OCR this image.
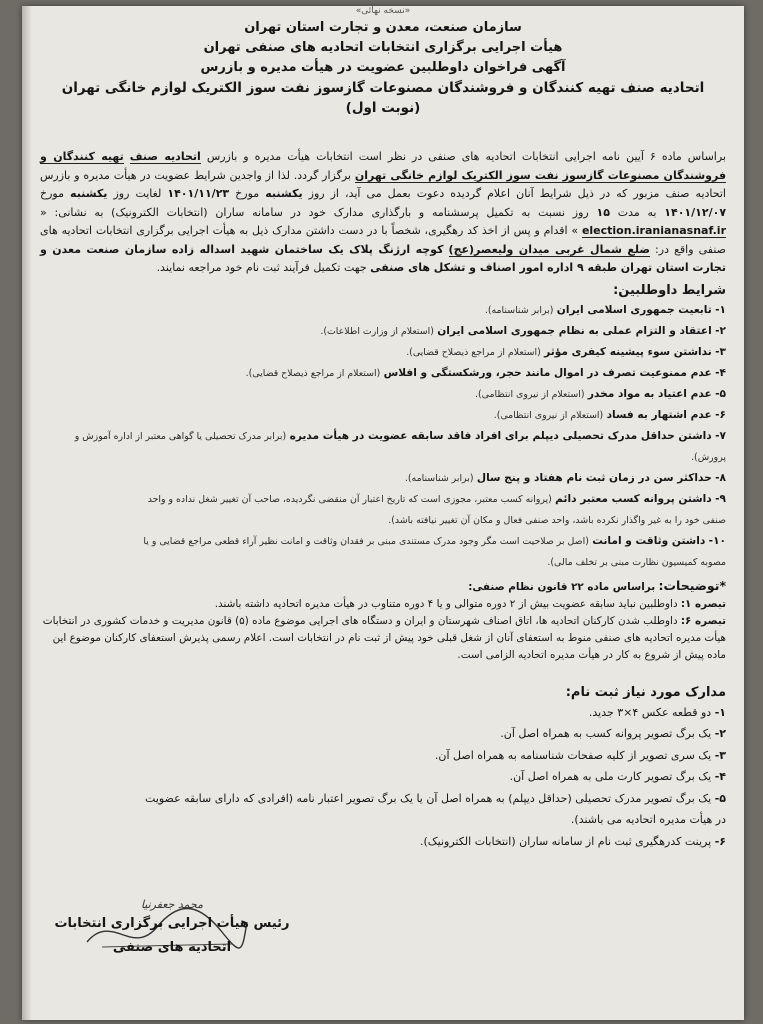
«نسخه نهائی»
سازمان صنعت، معدن و تجارت استان تهران
هیأت اجرایی برگزاری انتخابات اتحادیه های صنفی تهران
آگهی فراخوان داوطلبین عضویت در هیأت مدیره و بازرس
اتحادیه صنف تهیه کنندگان و فروشندگان مصنوعات گازسوز نفت سوز الکتریک لوازم خانگی تهران (نوبت اول)
براساس ماده ۶ آیین نامه اجرایی انتخابات اتحادیه های صنفی در نظر است انتخابات هیأت مدیره و بازرس اتحادیه صنف تهیه کنندگان و فروشندگان مصنوعات گازسوز نفت سوز الکتریک لوازم خانگی تهران برگزار گردد. لذا از واجدین شرایط عضویت در هیأت مدیره و بازرس اتحادیه صنف مزبور که در ذیل شرایط آنان اعلام گردیده دعوت بعمل می آید، از روز یکشنبه مورخ ۱۴۰۱/۱۱/۲۳ لغایت روز یکشنبه مورخ ۱۴۰۱/۱۲/۰۷ به مدت ۱۵ روز نسبت به تکمیل پرسشنامه و بارگذاری مدارک خود در سامانه ساران (انتخابات الکترونیک) به نشانی: « election.iranianasnaf.ir » اقدام و پس از اخذ کد رهگیری، شخصاً با در دست داشتن مدارک ذیل به هیأت اجرایی برگزاری انتخابات اتحادیه های صنفی واقع در: ضلع شمال غربی میدان ولیعصر(عج) کوچه ارژنگ پلاک یک ساختمان شهید اسداله زاده سازمان صنعت معدن و تجارت استان تهران طبقه ۹ اداره امور اصناف و تشکل های صنفی جهت تکمیل فرآیند ثبت نام خود مراجعه نمایند.
شرایط داوطلبین:
۱- تابعیت جمهوری اسلامی ایران (برابر شناسنامه).
۲- اعتقاد و التزام عملی به نظام جمهوری اسلامی ایران (استعلام از وزارت اطلاعات).
۳- نداشتن سوء پیشینه کیفری مؤثر (استعلام از مراجع ذیصلاح قضایی).
۴- عدم ممنوعیت تصرف در اموال مانند حجر، ورشکستگی و افلاس (استعلام از مراجع ذیصلاح قضایی).
۵- عدم اعتیاد به مواد مخدر (استعلام از نیروی انتظامی).
۶- عدم اشتهار به فساد (استعلام از نیروی انتظامی).
۷- داشتن حداقل مدرک تحصیلی دیپلم برای افراد فاقد سابقه عضویت در هیأت مدیره (برابر مدرک تحصیلی یا گواهی معتبر از اداره آموزش و پرورش).
۸- حداکثر سن در زمان ثبت نام هفتاد و پنج سال (برابر شناسنامه).
۹- داشتن پروانه کسب معتبر دائم (پروانه کسب معتبر، مجوزی است که تاریخ اعتبار آن منقضی نگردیده، صاحب آن تغییر شغل نداده و واحد
صنفی خود را به غیر واگذار نکرده باشد، واحد صنفی فعال و مکان آن تغییر نیافته باشد).
۱۰- داشتن وثاقت و امانت (اصل بر صلاحیت است مگر وجود مدرک مستندی مبنی بر فقدان وثاقت و امانت نظیر آراء قطعی مراجع قضایی و یا
مصوبه کمیسیون نظارت مبنی بر تخلف مالی).
*توضیحات: براساس ماده ۲۲ قانون نظام صنفی:
تبصره ۱: داوطلبین نباید سابقه عضویت بیش از ۲ دوره متوالی و یا ۴ دوره متناوب در هیأت مدیره اتحادیه داشته باشند.
تبصره ۶: داوطلب شدن کارکنان اتحادیه ها، اتاق اصناف شهرستان و ایران و دستگاه های اجرایی موضوع ماده (۵) قانون مدیریت و خدمات کشوری در انتخابات هیأت مدیره اتحادیه های صنفی منوط به استعفای آنان از شغل قبلی خود پیش از ثبت نام در انتخابات است. اعلام رسمی پذیرش استعفای کارکنان موضوع این ماده پیش از شروع به کار در هیأت مدیره اتحادیه الزامی است.
مدارک مورد نیاز ثبت نام:
۱- دو قطعه عکس ۴×۳ جدید.
۲- یک برگ تصویر پروانه کسب به همراه اصل آن.
۳- یک سری تصویر از کلیه صفحات شناسنامه به همراه اصل آن.
۴- یک برگ تصویر کارت ملی به همراه اصل آن.
۵- یک برگ تصویر مدرک تحصیلی (حداقل دیپلم) به همراه اصل آن یا یک برگ تصویر اعتبار نامه (افرادی که دارای سابقه عضویت
در هیأت مدیره اتحادیه می باشند).
۶- پرینت کدرهگیری ثبت نام از سامانه ساران (انتخابات الکترونیک).
محمد جعفرنیا
رئیس هیأت اجرایی برگزاری انتخابات
اتحادیه های صنفی
